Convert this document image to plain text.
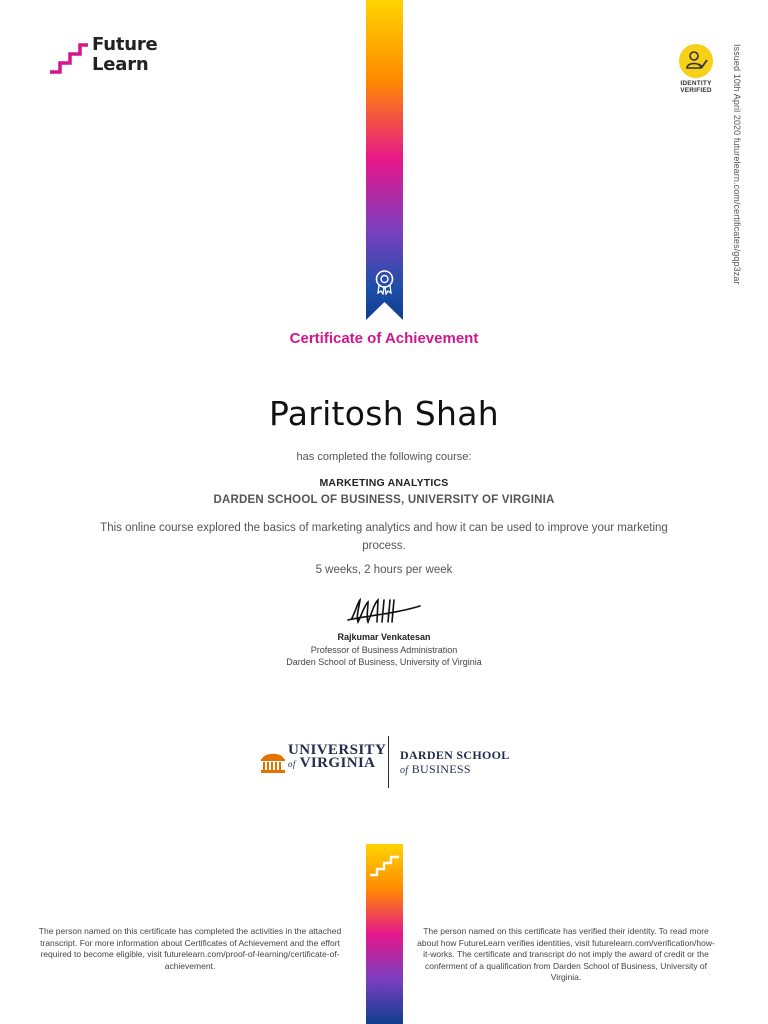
Future
Learn
IDENTITY
VERIFIED	Issued 10th April 2020 futurelearn.com/certificates/gqp3zar
Certificate of Achievement
Paritosh Shah
has completed the following course:
MARKETING ANALYTICS
DARDEN SCHOOL OF BUSINESS, UNIVERSITY OF VIRGINIA
This online course explored the basics of marketing analytics and how it can be used to improve your marketing process.
5 weeks, 2 hours per week
Rajkumar Venkatesan
Professor of Business Administration
Darden School of Business, University of Virginia
UNIVERSITY
of VIRGINIA	DARDEN SCHOOL
of BUSINESS
The person named on this certificate has completed the activities in the attached transcript. For more information about Certificates of Achievement and the effort required to become eligible, visit futurelearn.com/proof-of-learning/certificate-of-achievement.
The person named on this certificate has verified their identity. To read more about how FutureLearn verifies identities, visit futurelearn.com/verification/how-it-works. The certificate and transcript do not imply the award of credit or the conferment of a qualification from Darden School of Business, University of Virginia.
